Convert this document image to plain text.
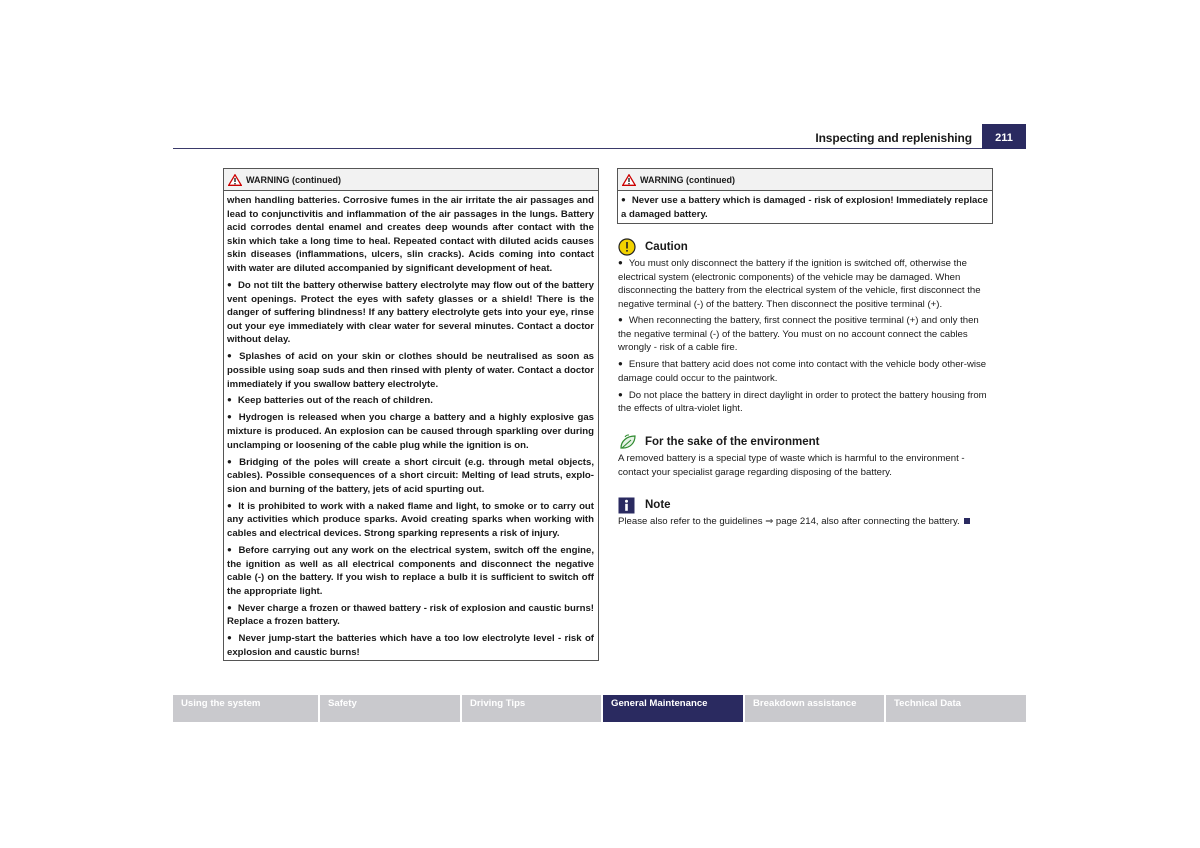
Inspecting and replenishing	211
WARNING (continued)

when handling batteries. Corrosive fumes in the air irritate the air passages and lead to conjunctivitis and inflammation of the air passages in the lungs. Battery acid corrodes dental enamel and creates deep wounds after contact with the skin which take a long time to heal. Repeated contact with diluted acids causes skin diseases (inflammations, ulcers, slin cracks). Acids coming into contact with water are diluted accompanied by significant development of heat.

● Do not tilt the battery otherwise battery electrolyte may flow out of the battery vent openings. Protect the eyes with safety glasses or a shield! There is the danger of suffering blindness! If any battery electrolyte gets into your eye, rinse out your eye immediately with clear water for several minutes. Contact a doctor without delay.

● Splashes of acid on your skin or clothes should be neutralised as soon as possible using soap suds and then rinsed with plenty of water. Contact a doctor immediately if you swallow battery electrolyte.

● Keep batteries out of the reach of children.

● Hydrogen is released when you charge a battery and a highly explosive gas mixture is produced. An explosion can be caused through sparkling over during unclamping or loosening of the cable plug while the ignition is on.

● Bridging of the poles will create a short circuit (e.g. through metal objects, cables). Possible consequences of a short circuit: Melting of lead struts, explo-sion and burning of the battery, jets of acid spurting out.

● It is prohibited to work with a naked flame and light, to smoke or to carry out any activities which produce sparks. Avoid creating sparks when working with cables and electrical devices. Strong sparking represents a risk of injury.

● Before carrying out any work on the electrical system, switch off the engine, the ignition as well as all electrical components and disconnect the negative cable (-) on the battery. If you wish to replace a bulb it is sufficient to switch off the appropriate light.

● Never charge a frozen or thawed battery - risk of explosion and caustic burns! Replace a frozen battery.

● Never jump-start the batteries which have a too low electrolyte level - risk of explosion and caustic burns!

WARNING (continued)

● Never use a battery which is damaged - risk of explosion! Immediately replace a damaged battery.

Caution

● You must only disconnect the battery if the ignition is switched off, otherwise the electrical system (electronic components) of the vehicle may be damaged. When disconnecting the battery from the electrical system of the vehicle, first disconnect the negative terminal (-) of the battery. Then disconnect the positive terminal (+).

● When reconnecting the battery, first connect the positive terminal (+) and only then the negative terminal (-) of the battery. You must on no account connect the cables wrongly - risk of a cable fire.

● Ensure that battery acid does not come into contact with the vehicle body other-wise damage could occur to the paintwork.

● Do not place the battery in direct daylight in order to protect the battery housing from the effects of ultra-violet light.

For the sake of the environment

A removed battery is a special type of waste which is harmful to the environment - contact your specialist garage regarding disposing of the battery.

Note

Please also refer to the guidelines ⇒ page 214, also after connecting the battery.

Using the system	Safety	Driving Tips	General Maintenance	Breakdown assistance	Technical Data
